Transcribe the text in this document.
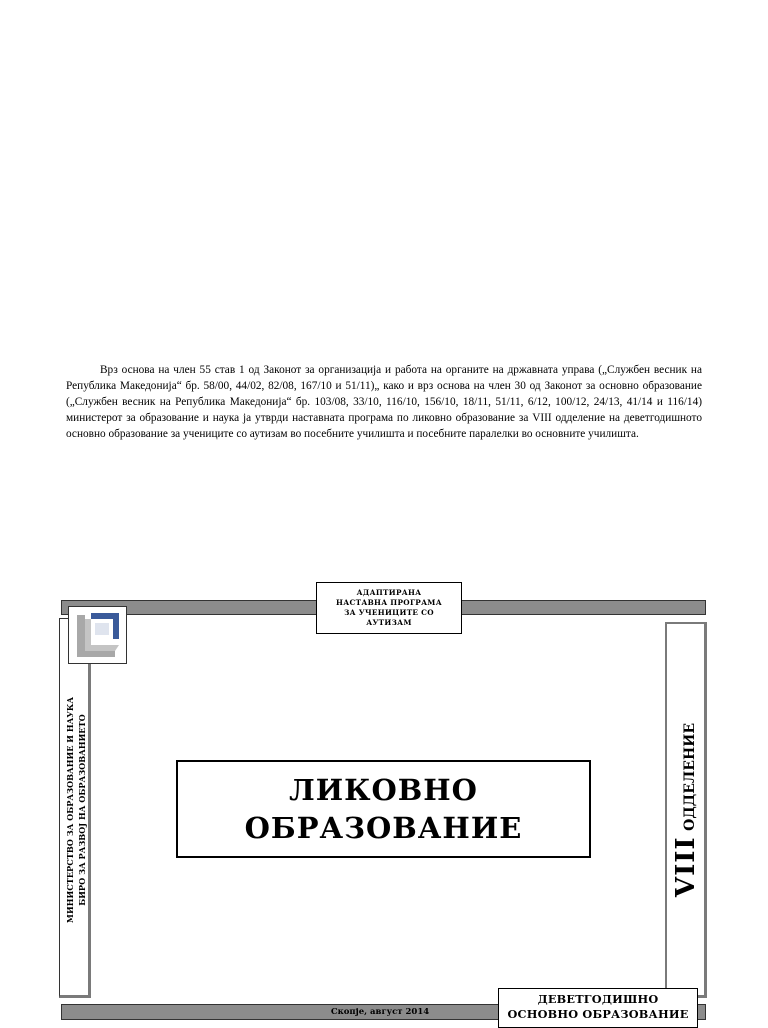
Врз основа на член 55 став 1 од Законот за организација и работа на органите на државната управа („Службен весник на Република Македонија“ бр. 58/00, 44/02, 82/08, 167/10 и 51/11)„ како и врз основа на член 30 од Законот за основно образование („Службен весник на Република Македонија“ бр. 103/08, 33/10, 116/10, 156/10, 18/11, 51/11, 6/12, 100/12, 24/13, 41/14 и 116/14) министерот за образование и наука ја утврди наставната програма по ликовно образование за VIII одделение на деветгодишното основно образование за учениците со аутизам во посебните училишта и посебните паралелки во основните училишта.

МИНИСТЕРСТВО ЗА ОБРАЗОВАНИЕ И НАУКА БИРО ЗА РАЗВОЈ НА ОБРАЗОВАНИЕТО
АДАПТИРАНА
НАСТАВНА ПРОГРАМА
ЗА УЧЕНИЦИТЕ СО
АУТИЗАМ
ЛИКОВНО
ОБРАЗОВАНИЕ
VIII ОДДЕЛЕНИЕ
Скопје, август 2014
ДЕВЕТГОДИШНО
ОСНОВНО ОБРАЗОВАНИЕ
